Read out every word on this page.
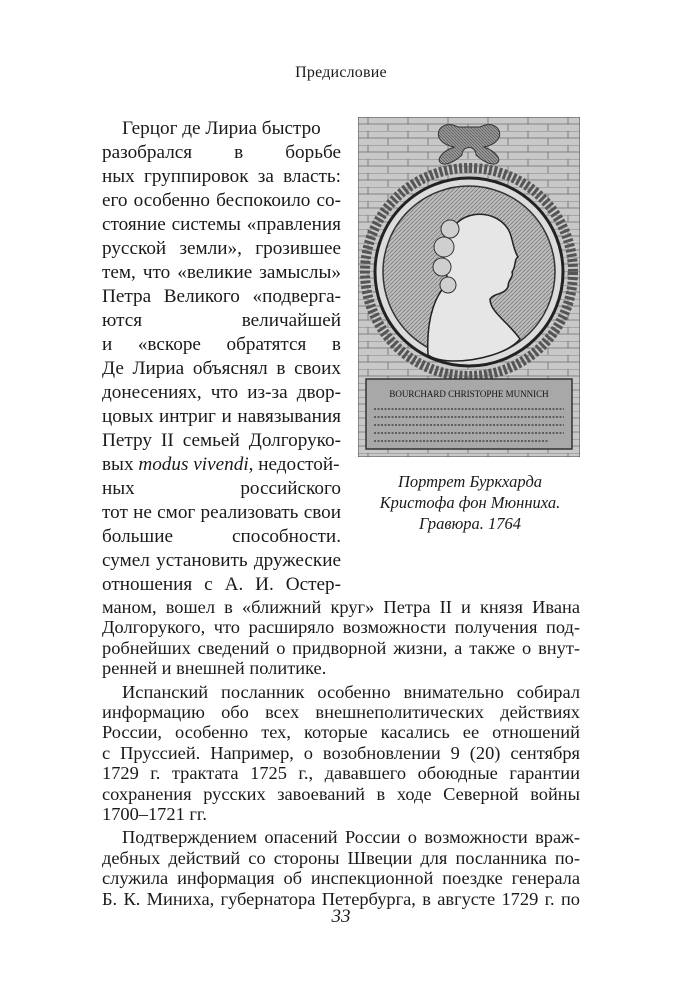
Предисловие
Герцог де Лириа быстро
разобрался в борьбе
ных группировок за власть:
его особенно беспокоило со-
стояние системы «правления
русской земли», грозившее
тем, что «великие замыслы»
Петра Великого «подверга-
ются величайшей
и «вскоре обратятся в
Де Лириа объяснял в своих
донесениях, что из-за двор-
цовых интриг и навязывания
Петру II семьей Долгоруко-
вых modus vivendi, недостой-
ных российского
тот не смог реализовать свои
большие способности.
сумел установить дружеские
отношения с А. И. Остер-
маном, вошел в «ближний круг» Петра II и князя Ивана
Долгорукого, что расширяло возможности получения под-
робнейших сведений о придворной жизни, а также о внут-
ренней и внешней политике.
Испанский посланник особенно внимательно собирал
информацию обо всех внешнеполитических действиях
России, особенно тех, которые касались ее отношений
с Пруссией. Например, о возобновлении 9 (20) сентября
1729 г. трактата 1725 г., дававшего обоюдные гарантии
сохранения русских завоеваний в ходе Северной войны
1700–1721 гг.
Подтверждением опасений России о возможности враж-
дебных действий со стороны Швеции для посланника по-
служила информация об инспекционной поездке генерала
Б. К. Миниха, губернатора Петербурга, в августе 1729 г. по
BOURCHARD CHRISTOPHE MUNNICH
Портрет Буркхарда
Кристофа фон Мюнниха.
Гравюра. 1764
33
